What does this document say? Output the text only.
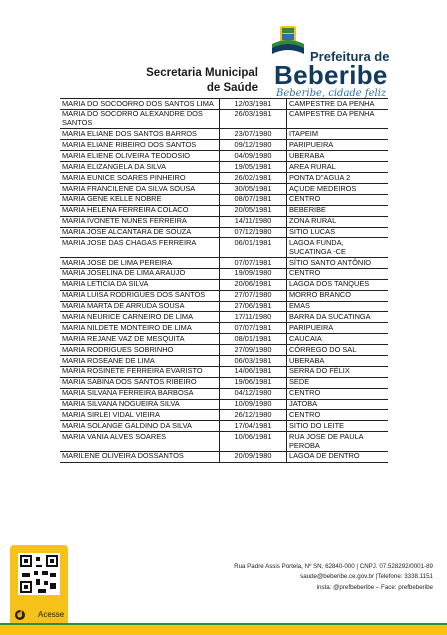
Secretaria Municipal
de Saúde
Prefeitura de
Beberibe
Beberibe, cidade feliz
MARIA DO SOCOORRO DOS SANTOS LIMA	12/03/1981	CAMPESTRE DA PENHA
MARIA DO SOCORRO ALEXANDRE DOS SANTOS	26/03/1981	CAMPESTRE DA PENHA
MARIA ELIANE DOS SANTOS BARROS	23/07/1980	ITAPEIM
MARIA ELIANE RIBEIRO DOS SANTOS	09/12/1980	PARIPUEIRA
MARIA ELIENE OLIVEIRA TEODOSIO	04/09/1980	UBERABA
MARIA ELIZANGELA DA SILVA	19/05/1981	AREA RURAL
MARIA EUNICE SOARES PINHEIRO	26/02/1981	PONTA D"AGUA 2
MARIA FRANCILENE DA SILVA SOUSA	30/05/1981	AÇUDE MEDEIROS
MARIA GENE KELLE NOBRE	08/07/1981	CENTRO
MARIA HELENA FERREIRA COLACO	20/05/1981	BEBERIBE
MARIA IVONETE NUNES FERREIRA	14/11/1980	ZONA RURAL
MARIA JOSE ALCANTARA DE SOUZA	07/12/1980	SITIO LUCAS
MARIA JOSE DAS CHAGAS FERREIRA	06/01/1981	LAGOA FUNDA, SUCATINGA -CE
MARIA JOSE DE LIMA PEREIRA	07/07/1981	SÍTIO SANTO ANTÔNIO
MARIA JOSELINA DE LIMA ARAUJO	19/09/1980	CENTRO
MARIA LETICIA DA SILVA	20/06/1981	LAGOA DOS TANQUES
MARIA LUISA RODRIGUES DOS SANTOS	27/07/1980	MORRO BRANCO
MARIA MARTA DE ARRUDA SOUSA	27/06/1981	EMAS
MARIA NEURICE CARNEIRO DE LIMA	17/11/1980	BARRA DA SUCATINGA
MARIA NILDETE MONTEIRO DE LIMA	07/07/1981	PARIPUEIRA
MARIA REJANE VAZ DE MESQUITA	08/01/1981	CAUCAIA
MARIA RODRIGUES SOBRINHO	27/09/1980	CÓRREGO DO SAL
MARIA ROSEANE DE LIMA	06/03/1981	UBERABA
MARIA ROSINETE FERREIRA EVARISTO	14/06/1981	SERRA DO FÉLIX
MARIA SABINA DOS SANTOS RIBEIRO	19/06/1981	SEDE
MARIA SILVANA FERREIRA BARBOSA	04/12/1980	CENTRO
MARIA SILVANA NOGUEIRA SILVA	10/09/1980	JATOBA
MARIA SIRLEI VIDAL VIEIRA	26/12/1980	CENTRO
MARIA SOLANGE GALDINO DA SILVA	17/04/1981	SITIO DO LEITE
MARIA VANIA ALVES SOARES	10/06/1981	RUA JOSE DE PAULA PEROBA
MARILENE OLIVEIRA DOSSANTOS	20/09/1980	LAGOA DE DENTRO
☝ Acesse
Rua Padre Assis Portela, Nº SN, 62840-000 | CNPJ. 07.528292/0001-89
saude@beberibe.ce.gov.br |Telefone: 3338.1151
insta: @prefbeberibe – Face: prefbeberibe
